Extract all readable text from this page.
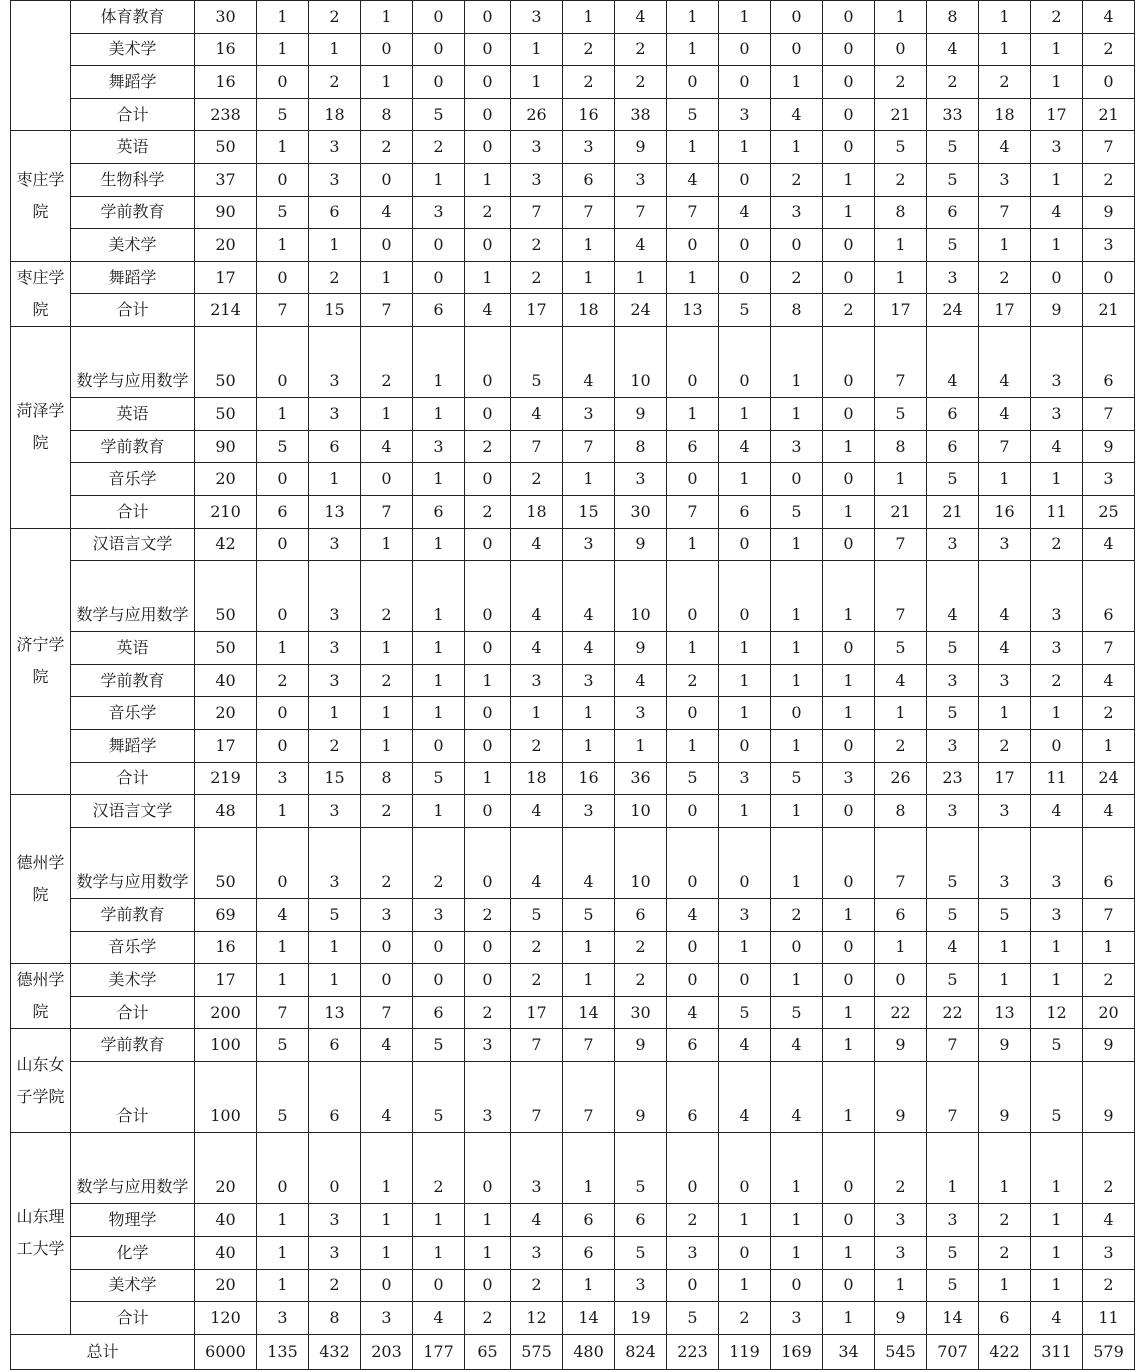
	体育教育	30	1	2	1	0	0	3	1	4	1	1	0	0	1	8	1	2	4
	美术学	16	1	1	0	0	0	1	2	2	1	0	0	0	0	4	1	1	2
	舞蹈学	16	0	2	1	0	0	1	2	2	0	0	1	0	2	2	2	1	0
	合计	238	5	18	8	5	0	26	16	38	5	3	4	0	21	33	18	17	21
枣庄学院	英语	50	1	3	2	2	0	3	3	9	1	1	1	0	5	5	4	3	7
	生物科学	37	0	3	0	1	1	3	6	3	4	0	2	1	2	5	3	1	2
	学前教育	90	5	6	4	3	2	7	7	7	7	4	3	1	8	6	7	4	9
	美术学	20	1	1	0	0	0	2	1	4	0	0	0	0	1	5	1	1	3
枣庄学院	舞蹈学	17	0	2	1	0	1	2	1	1	1	0	2	0	1	3	2	0	0
	合计	214	7	15	7	6	4	17	18	24	13	5	8	2	17	24	17	9	21
菏泽学院	数学与应用数学	50	0	3	2	1	0	5	4	10	0	0	1	0	7	4	4	3	6
	英语	50	1	3	1	1	0	4	3	9	1	1	1	0	5	6	4	3	7
	学前教育	90	5	6	4	3	2	7	7	8	6	4	3	1	8	6	7	4	9
	音乐学	20	0	1	0	1	0	2	1	3	0	1	0	0	1	5	1	1	3
	合计	210	6	13	7	6	2	18	15	30	7	6	5	1	21	21	16	11	25
济宁学院	汉语言文学	42	0	3	1	1	0	4	3	9	1	0	1	0	7	3	3	2	4
	数学与应用数学	50	0	3	2	1	0	4	4	10	0	0	1	1	7	4	4	3	6
	英语	50	1	3	1	1	0	4	4	9	1	1	1	0	5	5	4	3	7
	学前教育	40	2	3	2	1	1	3	3	4	2	1	1	1	4	3	3	2	4
	音乐学	20	0	1	1	1	0	1	1	3	0	1	0	1	1	5	1	1	2
	舞蹈学	17	0	2	1	0	0	2	1	1	1	0	1	0	2	3	2	0	1
	合计	219	3	15	8	5	1	18	16	36	5	3	5	3	26	23	17	11	24
德州学院	汉语言文学	48	1	3	2	1	0	4	3	10	0	1	1	0	8	3	3	4	4
	数学与应用数学	50	0	3	2	2	0	4	4	10	0	0	1	0	7	5	3	3	6
	学前教育	69	4	5	3	3	2	5	5	6	4	3	2	1	6	5	5	3	7
	音乐学	16	1	1	0	0	0	2	1	2	0	1	0	0	1	4	1	1	1
德州学院	美术学	17	1	1	0	0	0	2	1	2	0	0	1	0	0	5	1	1	2
	合计	200	7	13	7	6	2	17	14	30	4	5	5	1	22	22	13	12	20
山东女子学院	学前教育	100	5	6	4	5	3	7	7	9	6	4	4	1	9	7	9	5	9
	合计	100	5	6	4	5	3	7	7	9	6	4	4	1	9	7	9	5	9
山东理工大学	数学与应用数学	20	0	0	1	2	0	3	1	5	0	0	1	0	2	1	1	1	2
	物理学	40	1	3	1	1	1	4	6	6	2	1	1	0	3	3	2	1	4
	化学	40	1	3	1	1	1	3	6	5	3	0	1	1	3	5	2	1	3
	美术学	20	1	2	0	0	0	2	1	3	0	1	0	0	1	5	1	1	2
	合计	120	3	8	3	4	2	12	14	19	5	2	3	1	9	14	6	4	11
总计		6000	135	432	203	177	65	575	480	824	223	119	169	34	545	707	422	311	579
